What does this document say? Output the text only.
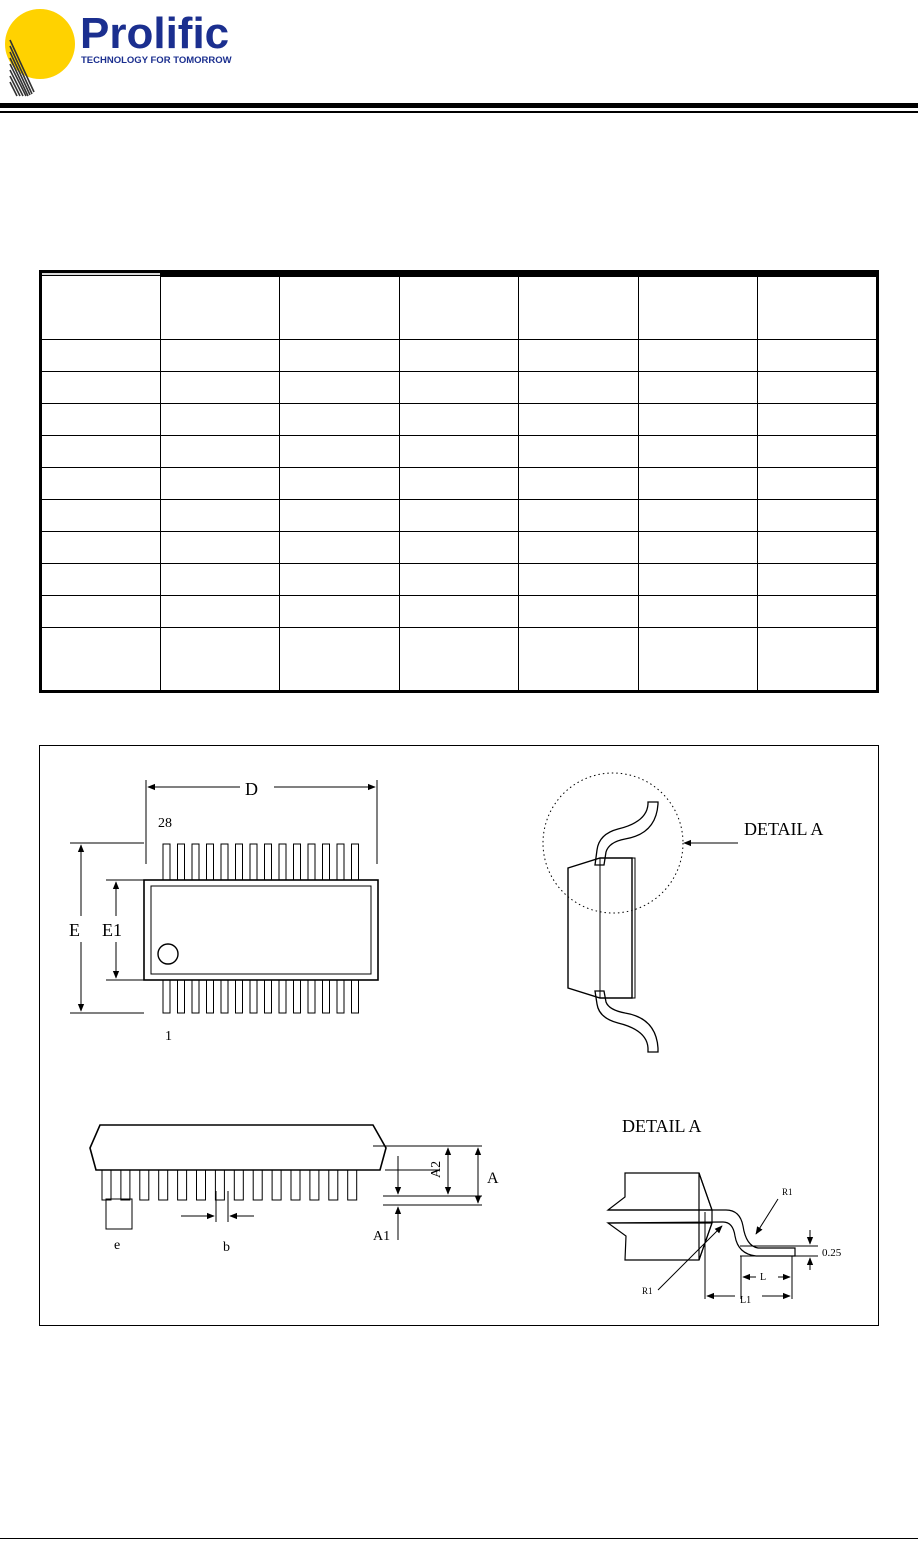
Prolific
TECHNOLOGY FOR TOMORROW

D
28
1
E E1
DETAIL A
e	b
A1
A2
A
DETAIL A
R1
R1
0.25
L
L1
